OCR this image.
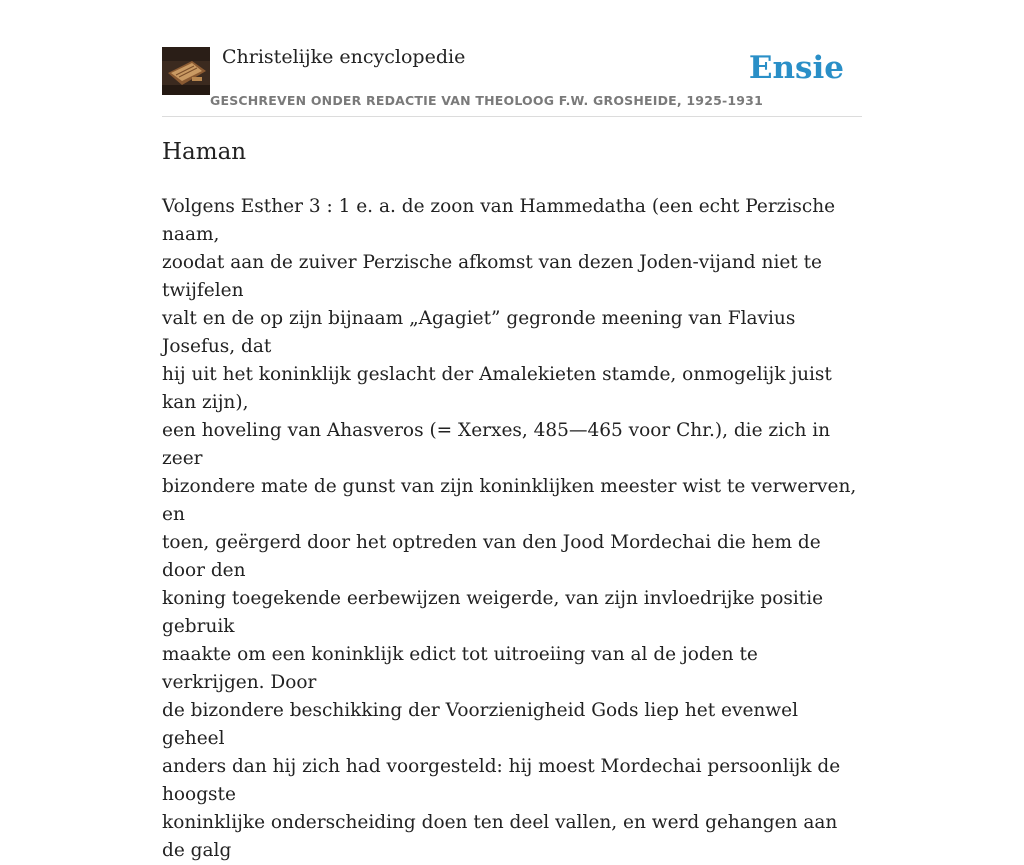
Christelijke encyclopedie
GESCHREVEN ONDER REDACTIE VAN THEOLOOG F.W. GROSHEIDE, 1925-1931
Ensie
Haman

Volgens Esther 3 : 1 e. a. de zoon van Hammedatha (een echt Perzische naam,
zoodat aan de zuiver Perzische afkomst van dezen Joden-vijand niet te twijfelen
valt en de op zijn bijnaam „Agagiet” gegronde meening van Flavius Josefus, dat
hij uit het koninklijk geslacht der Amalekieten stamde, onmogelijk juist kan zijn),
een hoveling van Ahasveros (= Xerxes, 485—465 voor Chr.), die zich in zeer
bizondere mate de gunst van zijn koninklijken meester wist te verwerven, en
toen, geërgerd door het optreden van den Jood Mordechai die hem de door den
koning toegekende eerbewijzen weigerde, van zijn invloedrijke positie gebruik
maakte om een koninklijk edict tot uitroeiing van al de joden te verkrijgen. Door
de bizondere beschikking der Voorzienigheid Gods liep het evenwel geheel
anders dan hij zich had voorgesteld: hij moest Mordechai persoonlijk de hoogste
koninklijke onderscheiding doen ten deel vallen, en werd gehangen aan de galg
